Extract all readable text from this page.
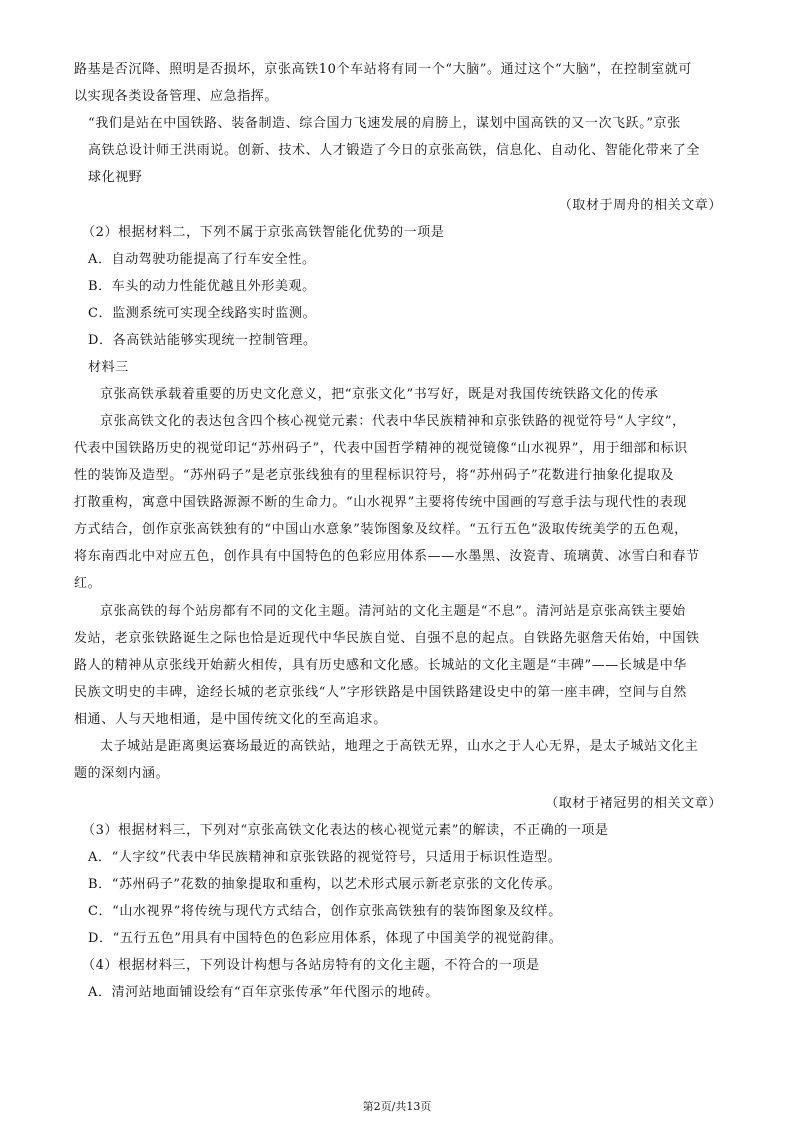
路基是否沉降、照明是否损坏，京张高铁10个车站将有同一个“大脑”。通过这个“大脑”，在控制室就可
以实现各类设备管理、应急指挥。
“我们是站在中国铁路、装备制造、综合国力飞速发展的肩膀上，谋划中国高铁的又一次飞跃。”京张
高铁总设计师王洪雨说。创新、技术、人才锻造了今日的京张高铁，信息化、自动化、智能化带来了全
球化视野
（取材于周舟的相关文章）
（2）根据材料二，下列不属于京张高铁智能化优势的一项是
A．自动驾驶功能提高了行车安全性。
B．车头的动力性能优越且外形美观。
C．监测系统可实现全线路实时监测。
D．各高铁站能够实现统一控制管理。
材料三
京张高铁承载着重要的历史文化意义，把“京张文化”书写好，既是对我国传统铁路文化的传承
京张高铁文化的表达包含四个核心视觉元素：代表中华民族精神和京张铁路的视觉符号“人字纹”，
代表中国铁路历史的视觉印记“苏州码子”，代表中国哲学精神的视觉镜像“山水视界”，用于细部和标识
性的装饰及造型。“苏州码子”是老京张线独有的里程标识符号，将“苏州码子”花数进行抽象化提取及
打散重构，寓意中国铁路源源不断的生命力。“山水视界”主要将传统中国画的写意手法与现代性的表现
方式结合，创作京张高铁独有的“中国山水意象”装饰图象及纹样。“五行五色”汲取传统美学的五色观，
将东南西北中对应五色，创作具有中国特色的色彩应用体系——水墨黑、汝瓷青、琉璃黄、冰雪白和春节
红。
京张高铁的每个站房都有不同的文化主题。清河站的文化主题是“不息”。清河站是京张高铁主要始
发站，老京张铁路诞生之际也恰是近现代中华民族自觉、自强不息的起点。自铁路先驱詹天佑始，中国铁
路人的精神从京张线开始薪火相传，具有历史感和文化感。长城站的文化主题是“丰碑”——长城是中华
民族文明史的丰碑，途经长城的老京张线“人”字形铁路是中国铁路建设史中的第一座丰碑，空间与自然
相通、人与天地相通，是中国传统文化的至高追求。
太子城站是距离奥运赛场最近的高铁站，地理之于高铁无界，山水之于人心无界，是太子城站文化主
题的深刻内涵。
（取材于褚冠男的相关文章）
（3）根据材料三，下列对“京张高铁文化表达的核心视觉元素”的解读，不正确的一项是
A．“人字纹”代表中华民族精神和京张铁路的视觉符号，只适用于标识性造型。
B．“苏州码子”花数的抽象提取和重构，以艺术形式展示新老京张的文化传承。
C．“山水视界”将传统与现代方式结合，创作京张高铁独有的装饰图象及纹样。
D．“五行五色”用具有中国特色的色彩应用体系，体现了中国美学的视觉韵律。
（4）根据材料三，下列设计构想与各站房特有的文化主题，不符合的一项是
A．清河站地面铺设绘有“百年京张传承”年代图示的地砖。
第2页/共13页
